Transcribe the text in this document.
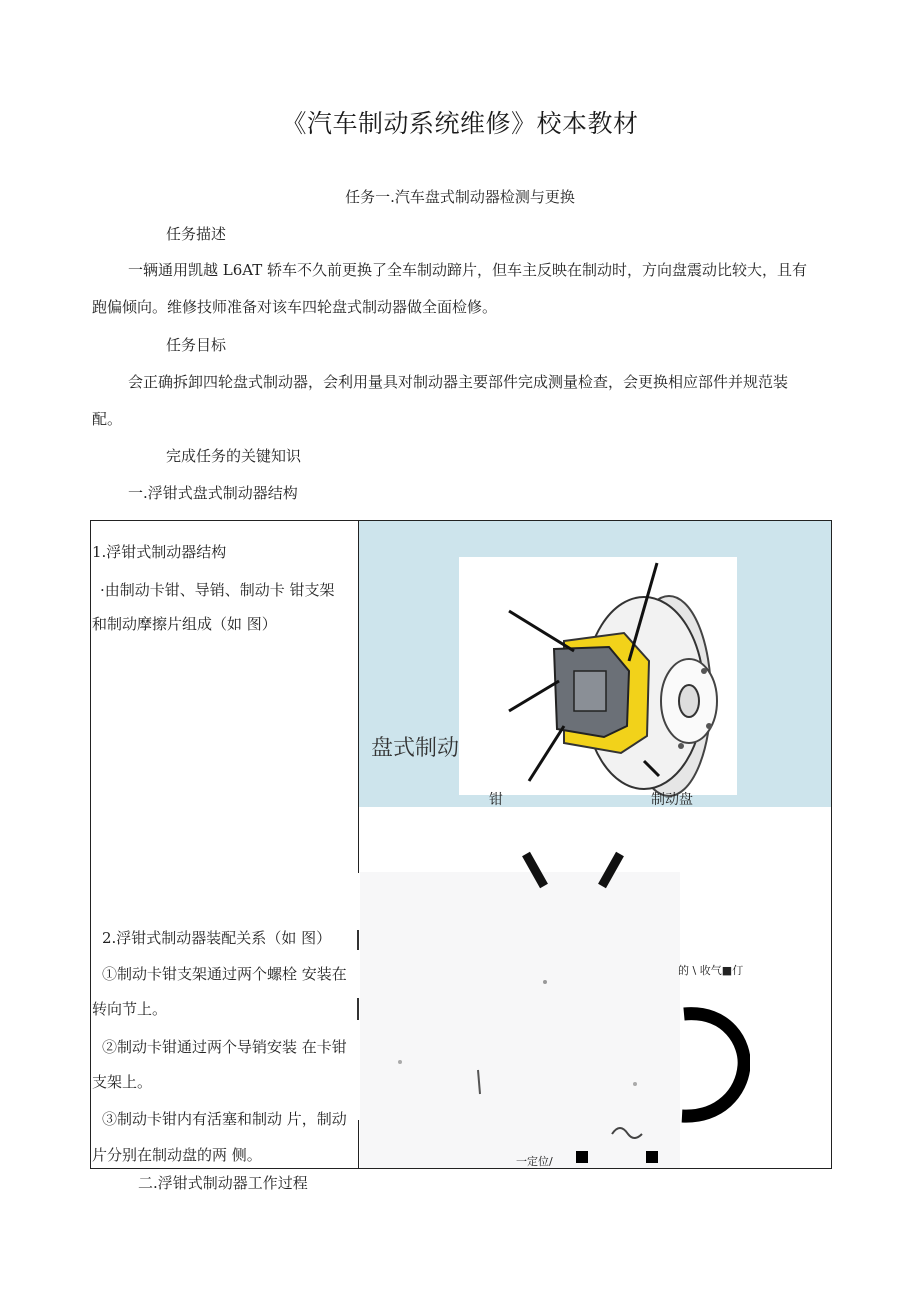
《汽车制动系统维修》校本教材
任务一.汽车盘式制动器检测与更换
任务描述
一辆通用凯越 L6AT 轿车不久前更换了全车制动蹄片，但车主反映在制动时，方向盘震动比较大，且有
跑偏倾向。维修技师准备对该车四轮盘式制动器做全面检修。
任务目标
会正确拆卸四轮盘式制动器，会利用量具对制动器主要部件完成测量检查，会更换相应部件并规范装
配。
完成任务的关键知识
一.浮钳式盘式制动器结构
1.浮钳式制动器结构
·由制动卡钳、导销、制动卡 钳支架
和制动摩擦片组成（如 图）
盘式制动
钳	制动盘
的 \ 收气■仃
一定位/
2.浮钳式制动器装配关系（如 图）
①制动卡钳支架通过两个螺栓 安装在
转向节上。
②制动卡钳通过两个导销安装 在卡钳
支架上。
③制动卡钳内有活塞和制动 片，制动
片分别在制动盘的两 侧。
二.浮钳式制动器工作过程
